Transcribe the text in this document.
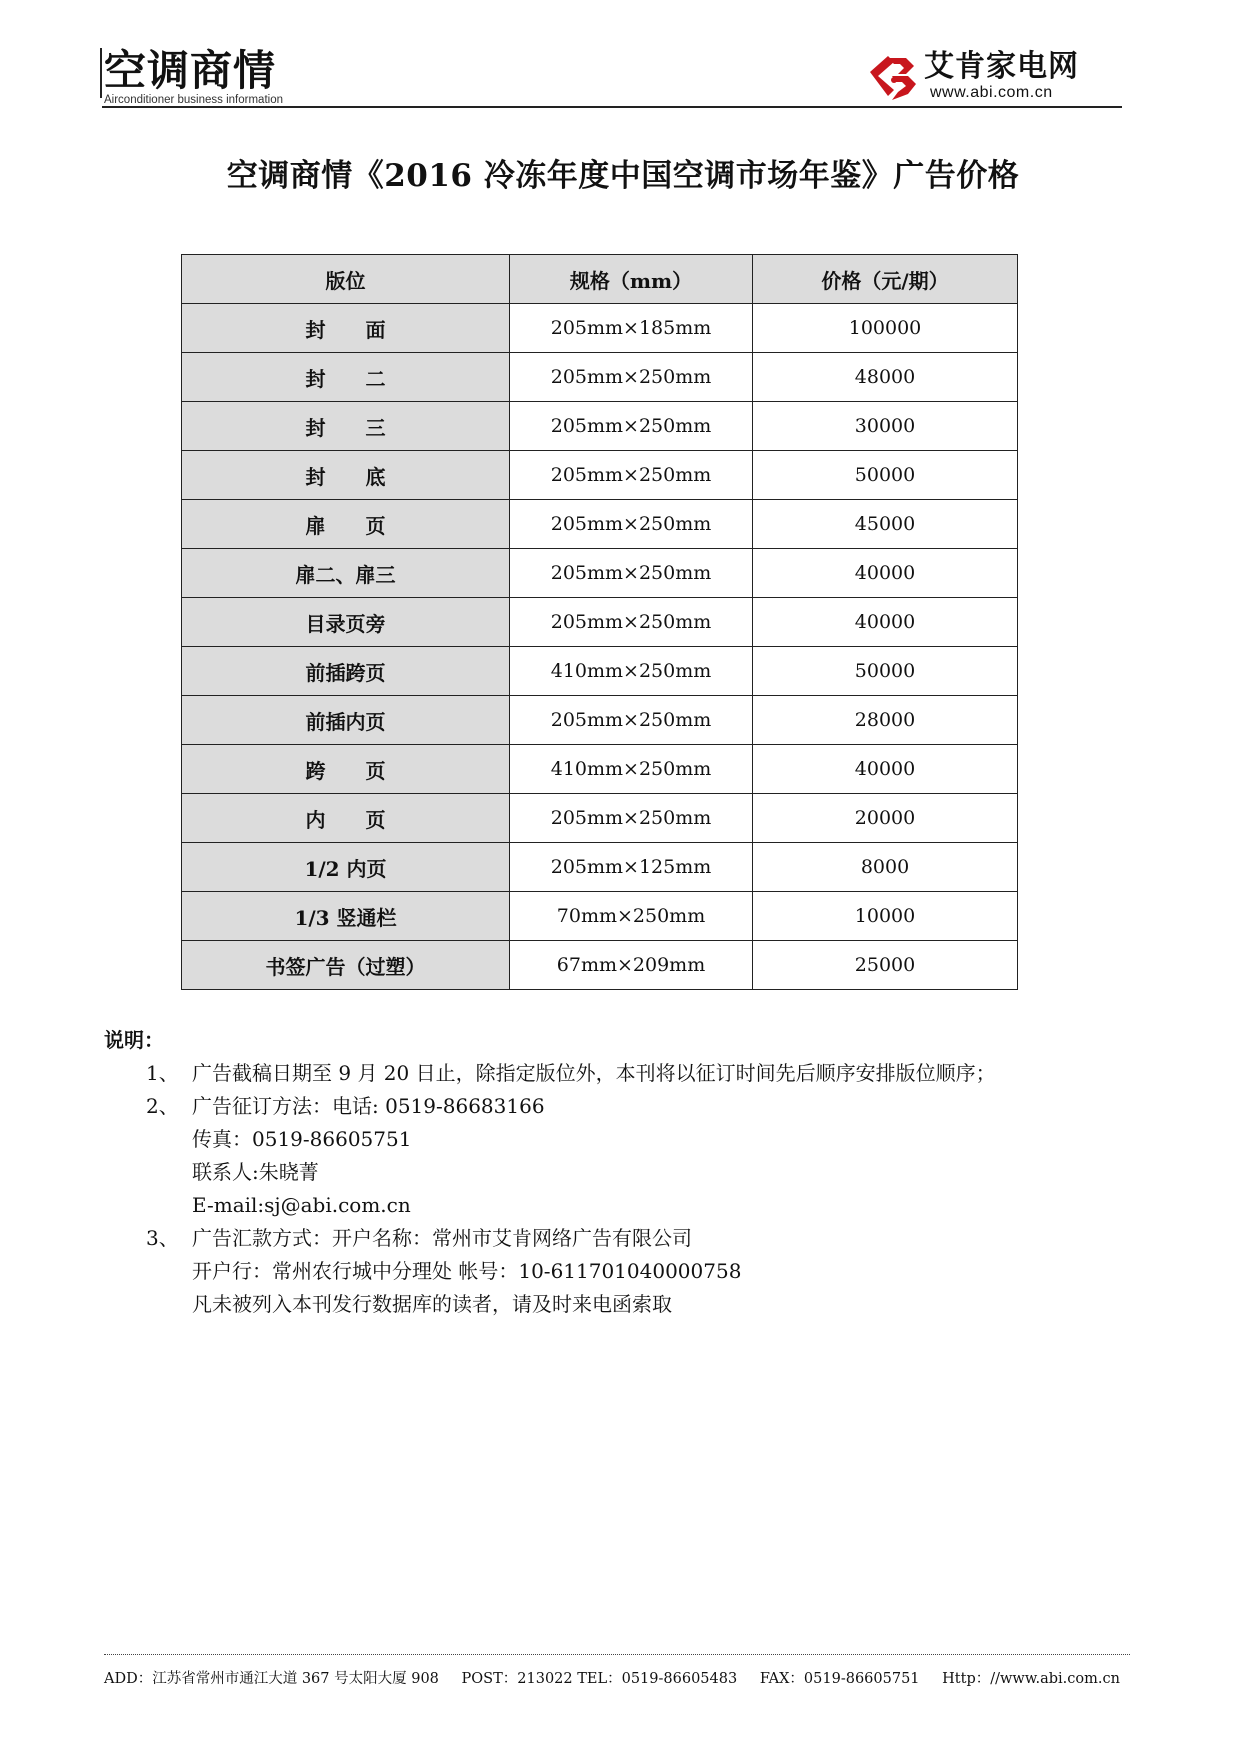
空调商情
Airconditioner business information
艾肯家电网
www.abi.com.cn
空调商情《2016 冷冻年度中国空调市场年鉴》广告价格
版位	规格（mm）	价格（元/期）
封　　面	205mm×185mm	100000
封　　二	205mm×250mm	48000
封　　三	205mm×250mm	30000
封　　底	205mm×250mm	50000
扉　　页	205mm×250mm	45000
扉二、扉三	205mm×250mm	40000
目录页旁	205mm×250mm	40000
前插跨页	410mm×250mm	50000
前插内页	205mm×250mm	28000
跨　　页	410mm×250mm	40000
内　　页	205mm×250mm	20000
1/2 内页	205mm×125mm	8000
1/3 竖通栏	70mm×250mm	10000
书签广告（过塑）	67mm×209mm	25000
说明：
1、 广告截稿日期至 9 月 20 日止，除指定版位外，本刊将以征订时间先后顺序安排版位顺序；
2、 广告征订方法：电话: 0519-86683166
传真：0519-86605751
联系人:朱晓菁
E-mail:sj@abi.com.cn
3、 广告汇款方式：开户名称：常州市艾肯网络广告有限公司
开户行：常州农行城中分理处 帐号：10-611701040000758
凡未被列入本刊发行数据库的读者，请及时来电函索取
ADD：江苏省常州市通江大道 367 号太阳大厦 908 POST：213022 TEL：0519-86605483 FAX：0519-86605751 Http：//www.abi.com.cn
